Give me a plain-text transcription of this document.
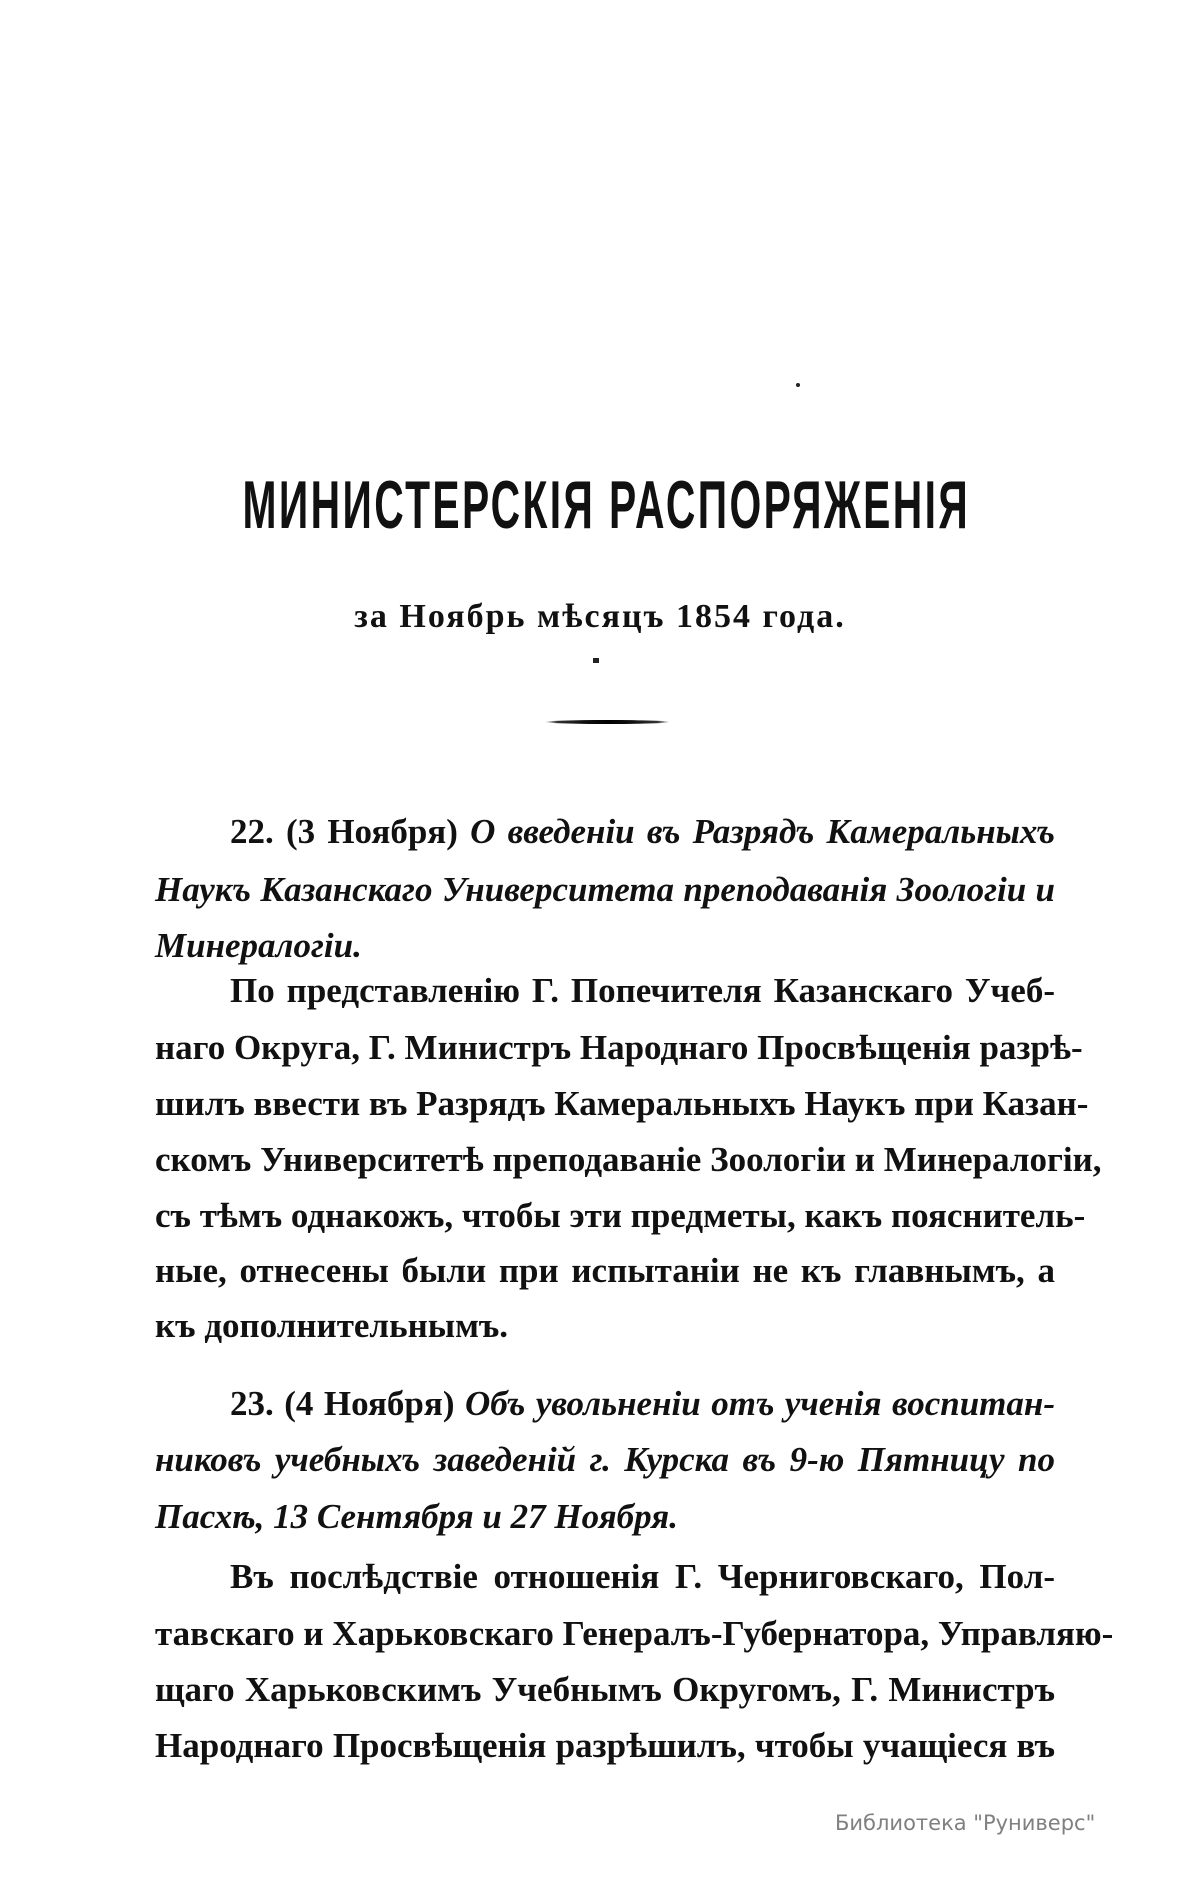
МИНИСТЕРСКІЯ РАСПОРЯЖЕНІЯ
за Ноябрь мѣсяцъ 1854 года.
22. (3 Ноября) О введеніи въ Разрядъ Камеральныхъ
Наукъ Казанскаго Университета преподаванія Зоологіи и
Минералогіи.
По представленію Г. Попечителя Казанскаго Учеб-
наго Округа, Г. Министръ Народнаго Просвѣщенія разрѣ-
шилъ ввести въ Разрядъ Камеральныхъ Наукъ при Казан-
скомъ Университетѣ преподаваніе Зоологіи и Минералогіи,
съ тѣмъ однакожъ, чтобы эти предметы, какъ пояснитель-
ные, отнесены были при испытаніи не къ главнымъ, а
къ дополнительнымъ.
23. (4 Ноября) Объ увольненіи отъ ученія воспитан-
никовъ учебныхъ заведеній г. Курска въ 9-ю Пятницу по
Пасхѣ, 13 Сентября и 27 Ноября.
Въ послѣдствіе отношенія Г. Черниговскаго, Пол-
тавскаго и Харьковскаго Генералъ-Губернатора, Управляю-
щаго Харьковскимъ Учебнымъ Округомъ, Г. Министръ
Народнаго Просвѣщенія разрѣшилъ, чтобы учащіеся въ
Библиотека "Руниверс"
